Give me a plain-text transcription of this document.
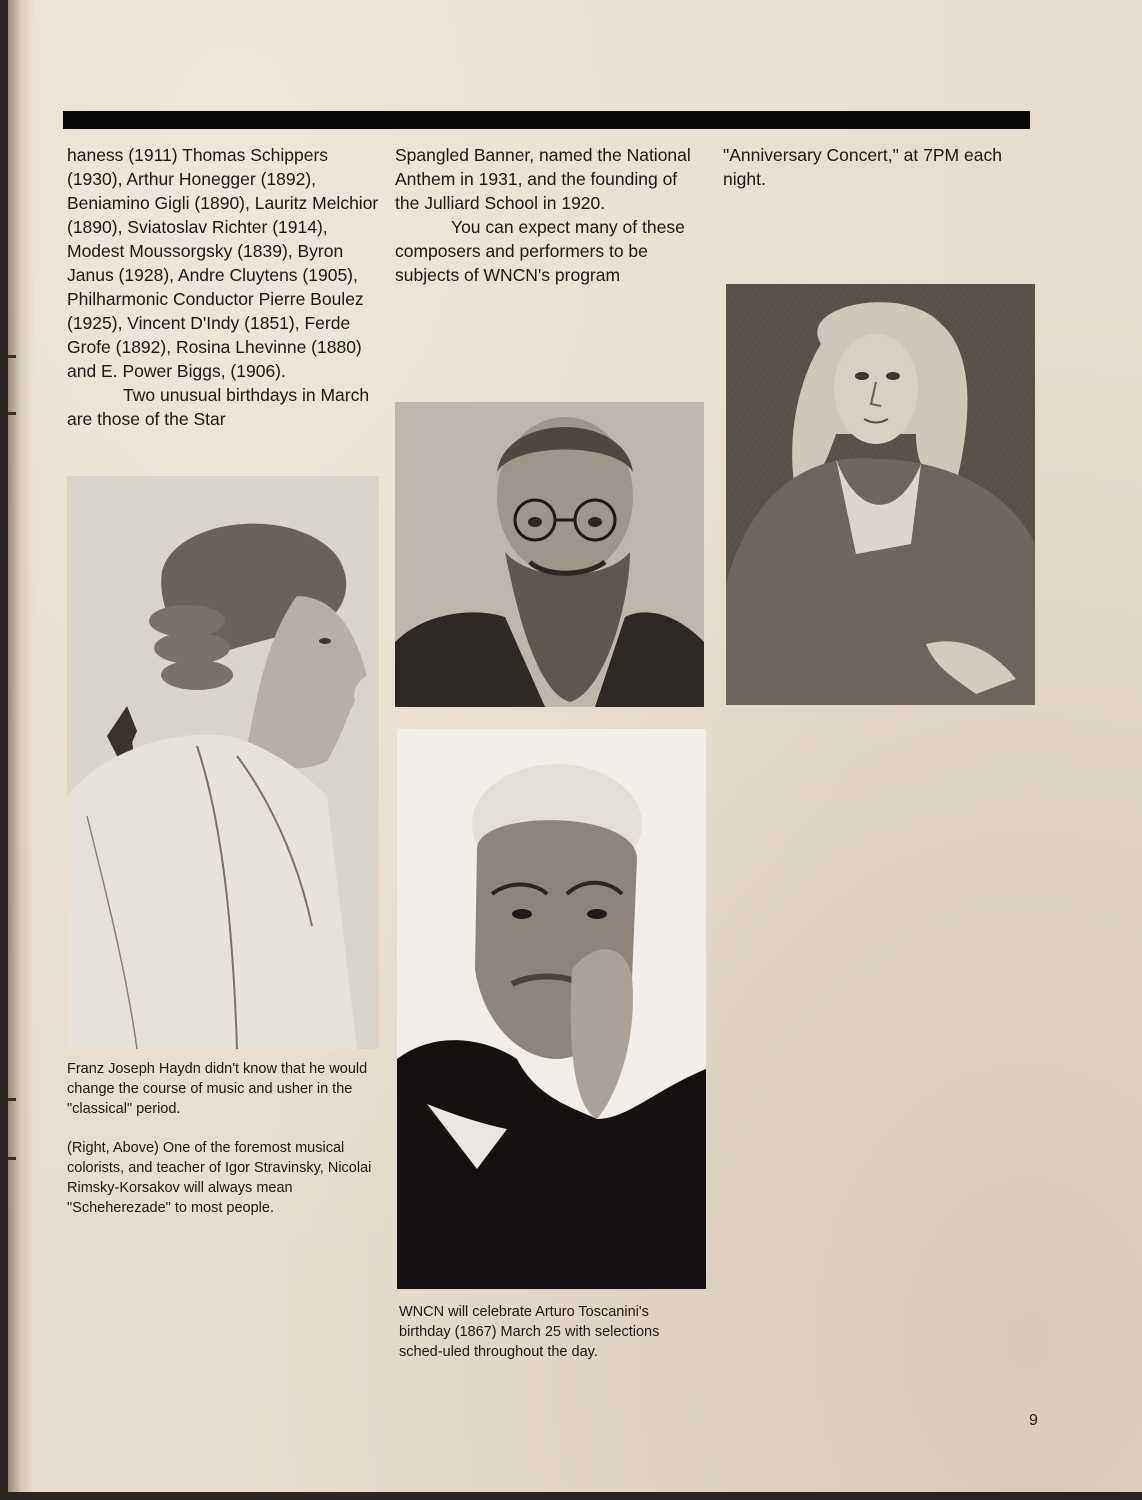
haness (1911) Thomas Schippers (1930), Arthur Honegger (1892), Beniamino Gigli (1890), Lauritz Melchior (1890), Sviatoslav Richter (1914), Modest Moussorgsky (1839), Byron Janus (1928), Andre Cluytens (1905), Philharmonic Conductor Pierre Boulez (1925), Vincent D'Indy (1851), Ferde Grofe (1892), Rosina Lhevinne (1880) and E. Power Biggs, (1906).

Two unusual birthdays in March are those of the Star

Spangled Banner, named the National Anthem in 1931, and the founding of the Julliard School in 1920.

You can expect many of these composers and performers to be subjects of WNCN's program

"Anniversary Concert," at 7PM each night.

Franz Joseph Haydn didn't know that he would change the course of music and usher in the "classical" period.

(Right, Above) One of the foremost musical colorists, and teacher of Igor Stravinsky, Nicolai Rimsky-Korsakov will always mean "Scheherezade" to most people.

WNCN will celebrate Arturo Toscanini's birthday (1867) March 25 with selections sched-uled throughout the day.

9
